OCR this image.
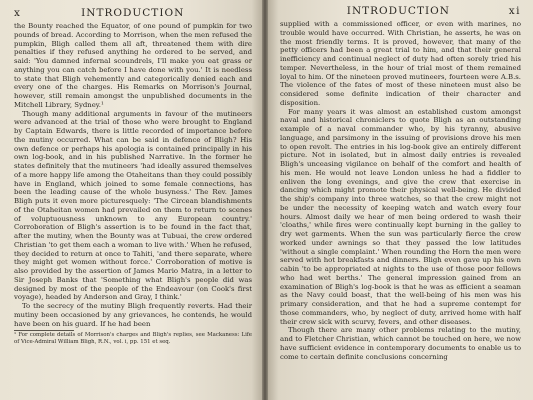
x	INTRODUCTION

the Bounty reached the Equator, of one pound of pumpkin for two pounds of bread. According to Morrison, when the men refused the pumpkin, Bligh called them all aft, threatened them with dire penalties if they refused anything he ordered to be served, and said: 'You damned infernal scoundrels, I'll make you eat grass or anything you can catch before I have done with you.' It is needless to state that Bligh vehemently and categorically denied each and every one of the charges. His Remarks on Morrison's Journal, however, still remain amongst the unpublished documents in the Mitchell Library, Sydney.¹

Though many additional arguments in favour of the mutineers were advanced at the trial of those who were brought to England by Captain Edwards, there is little recorded of importance before the mutiny occurred. What can be said in defence of Bligh? His own defence or perhaps his apologia is contained principally in his own log-book, and in his published Narrative. In the former he states definitely that the mutineers 'had ideally assured themselves of a more happy life among the Otaheitans than they could possibly have in England, which joined to some female connections, has been the leading cause of the whole busyness.' The Rev. James Bligh puts it even more picturesquely: 'The Circean blandishments of the Otaheitan women had prevailed on them to return to scenes of voluptuousness unknown to any European country.' Corroboration of Bligh's assertion is to be found in the fact that, after the mutiny, when the Bounty was at Tubuai, the crew ordered Christian 'to get them each a woman to live with.' When he refused, they decided to return at once to Tahiti, 'and there separate, where they might get women without force.' Corroboration of motive is also provided by the assertion of James Mario Matra, in a letter to Sir Joseph Banks that 'Something what Bligh's people did was designed by most of the people of the Endeavour (on Cook's first voyage), headed by Anderson and Gray, I think.'

To the secrecy of the mutiny Bligh frequently reverts. Had their mutiny been occasioned by any grievances, he contends, he would have been on his guard. If he had been

¹ For complete details of Morrison's charges and Bligh's replies, see Mackaness: Life of Vice-Admiral William Bligh, R.N., vol. i, pp. 151 et seq.

INTRODUCTION	xi

supplied with a commissioned officer, or even with marines, no trouble would have occurred. With Christian, he asserts, he was on the most friendly terms. It is proved, however, that many of the petty officers had been a great trial to him, and that their general inefficiency and continual neglect of duty had often sorely tried his temper. Nevertheless, in the hour of trial most of them remained loyal to him. Of the nineteen proved mutineers, fourteen were A.B.s. The violence of the fates of most of these nineteen must also be considered some definite indication of their character and disposition.

For many years it was almost an established custom amongst naval and historical chroniclers to quote Bligh as an outstanding example of a naval commander who, by his tyranny, abusive language, and parsimony in the issuing of provisions drove his men to open revolt. The entries in his log-book give an entirely different picture. Not in isolated, but in almost daily entries is revealed Bligh's unceasing vigilance on behalf of the comfort and health of his men. He would not leave London unless he had a fiddler to enliven the long evenings, and give the crew that exercise in dancing which might promote their physical well-being. He divided the ship's company into three watches, so that the crew might not be under the necessity of keeping watch and watch every four hours. Almost daily we hear of men being ordered to wash their 'cloaths,' while fires were continually kept burning in the galley to dry wet garments. When the sun was particularly fierce the crew worked under awnings so that they passed the low latitudes 'without a single complaint.' When rounding the Horn the men were served with hot breakfasts and dinners. Bligh even gave up his own cabin 'to be appropriated at nights to the use of those poor fellows who had wet berths.' The general impression gained from an examination of Bligh's log-book is that he was as efficient a seaman as the Navy could boast, that the well-being of his men was his primary consideration, and that he had a supreme contempt for those commanders, who, by neglect of duty, arrived home with half their crew sick with scurvy, fevers, and other diseases.

Though there are many other problems relating to the mutiny, and to Fletcher Christian, which cannot be touched on here, we now have sufficient evidence in contemporary documents to enable us to come to certain definite conclusions concerning
